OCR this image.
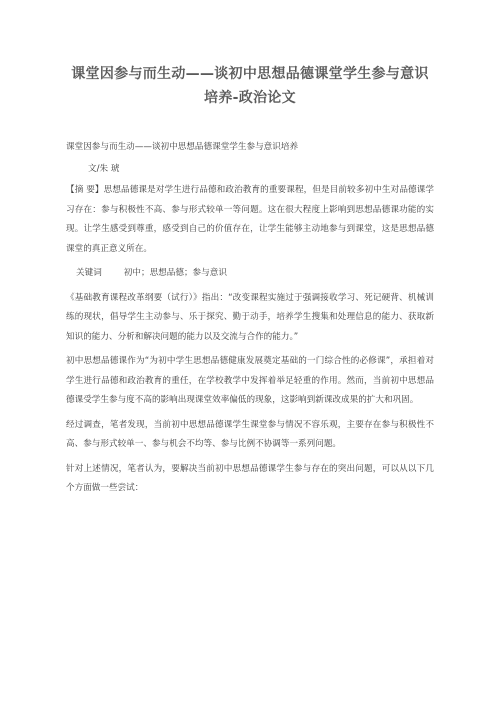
课堂因参与而生动——谈初中思想品德课堂学生参与意识
培养-政治论文
课堂因参与而生动——谈初中思想品德课堂学生参与意识培养
文/朱 琥
【摘 要】思想品德课是对学生进行品德和政治教育的重要课程，但是目前较多初中生对品德课学习存在：参与积极性不高、参与形式较单一等问题。这在很大程度上影响到思想品德课功能的实现。让学生感受到尊重，感受到自己的价值存在，让学生能够主动地参与到课堂，这是思想品德课堂的真正意义所在。
关键词	初中；思想品德；参与意识
《基础教育课程改革纲要（试行）》指出：“改变课程实施过于强调接收学习、死记硬背、机械训练的现状，倡导学生主动参与、乐于探究、勤于动手，培养学生搜集和处理信息的能力、获取新知识的能力、分析和解决问题的能力以及交流与合作的能力。”
初中思想品德课作为“为初中学生思想品德健康发展奠定基础的一门综合性的必修课”，承担着对学生进行品德和政治教育的重任，在学校教学中发挥着举足轻重的作用。然而，当前初中思想品德课受学生参与度不高的影响出现课堂效率偏低的现象，这影响到新课改成果的扩大和巩固。
经过调查，笔者发现，当前初中思想品德课学生课堂参与情况不容乐观，主要存在参与积极性不高、参与形式较单一、参与机会不均等、参与比例不协调等一系列问题。
针对上述情况，笔者认为，要解决当前初中思想品德课学生参与存在的突出问题，可以从以下几个方面做一些尝试：
